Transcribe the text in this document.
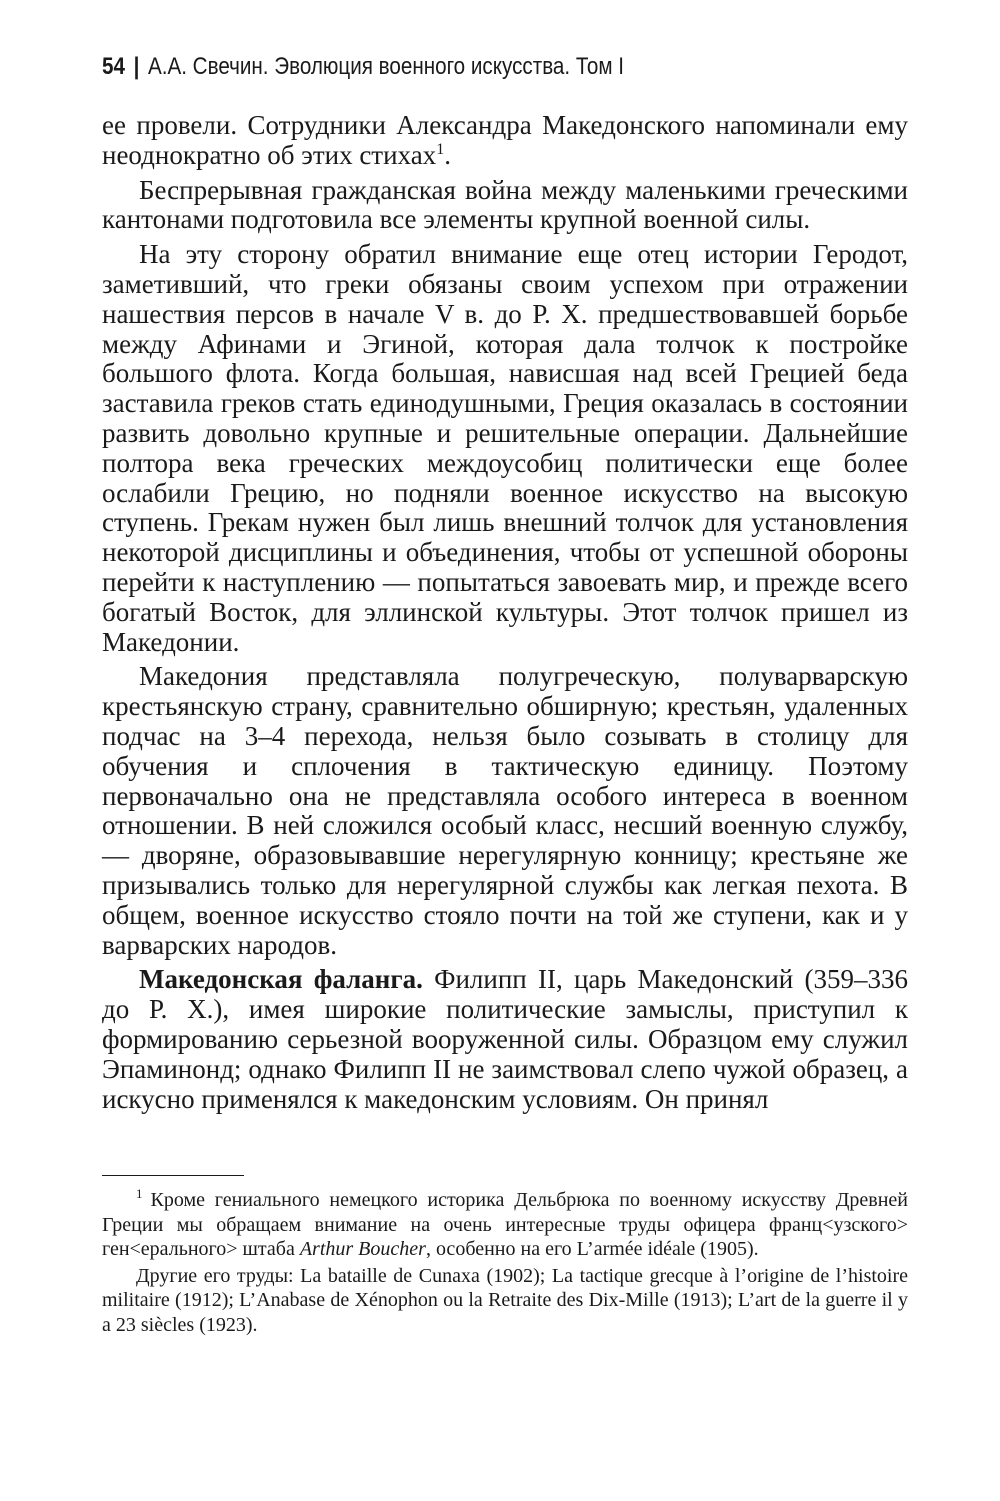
54 | А.А. Свечин. Эволюция военного искусства. Том I

ее провели. Сотрудники Александра Македонского напоминали ему неоднократно об этих стихах$^1$.

Беспрерывная гражданская война между маленькими греческими кантонами подготовила все элементы крупной военной силы.

На эту сторону обратил внимание еще отец истории Геродот, заметивший, что греки обязаны своим успехом при отражении нашествия персов в начале V в. до Р. Х. предшествовавшей борьбе между Афинами и Эгиной, которая дала толчок к постройке большого флота. Когда большая, нависшая над всей Грецией беда заставила греков стать единодушными, Греция оказалась в состоянии развить довольно крупные и решительные операции. Дальнейшие полтора века греческих междоусобиц политически еще более ослабили Грецию, но подняли военное искусство на высокую ступень. Грекам нужен был лишь внешний толчок для установления некоторой дисциплины и объединения, чтобы от успешной обороны перейти к наступлению — попытаться завоевать мир, и прежде всего богатый Восток, для эллинской культуры. Этот толчок пришел из Македонии.

Македония представляла полугреческую, полуварварскую крестьянскую страну, сравнительно обширную; крестьян, удаленных подчас на 3–4 перехода, нельзя было созывать в столицу для обучения и сплочения в тактическую единицу. Поэтому первоначально она не представляла особого интереса в военном отношении. В ней сложился особый класс, несший военную службу, — дворяне, образовывавшие нерегулярную конницу; крестьяне же призывались только для нерегулярной службы как легкая пехота. В общем, военное искусство стояло почти на той же ступени, как и у варварских народов.

Македонская фаланга. Филипп II, царь Македонский (359–336 до Р. Х.), имея широкие политические замыслы, приступил к формированию серьезной вооруженной силы. Образцом ему служил Эпаминонд; однако Филипп II не заимствовал слепо чужой образец, а искусно применялся к македонским условиям. Он принял

$^1$ Кроме гениального немецкого историка Дельбрюка по военному искусству Древней Греции мы обращаем внимание на очень интересные труды офицера франц<узского> ген<ерального> штаба Arthur Boucher, особенно на его L’armée idéale (1905).

Другие его труды: La bataille de Cunaxa (1902); La tactique grecque à l’origine de l’histoire militaire (1912); L’Anabase de Xénophon ou la Retraite des Dix-Mille (1913); L’art de la guerre il y a 23 siècles (1923).
